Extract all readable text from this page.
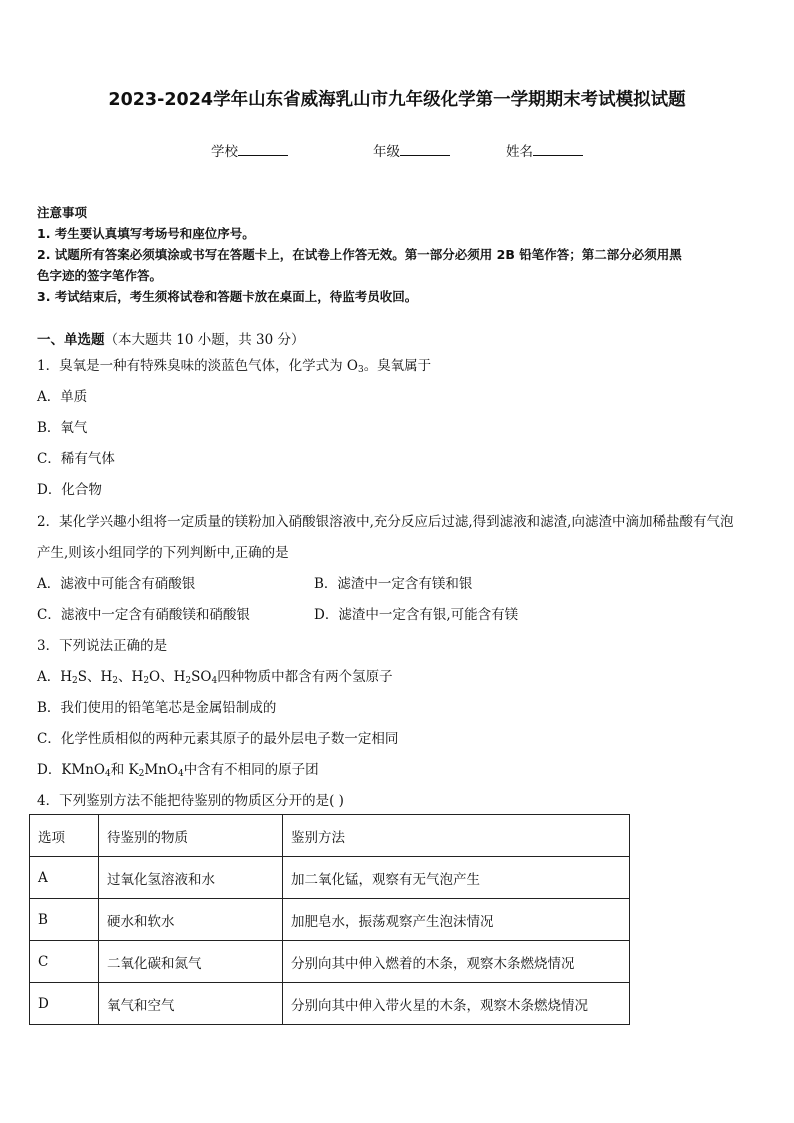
2023-2024学年山东省威海乳山市九年级化学第一学期期末考试模拟试题
学校	年级	姓名
注意事项
1. 考生要认真填写考场号和座位序号。
2. 试题所有答案必须填涂或书写在答题卡上，在试卷上作答无效。第一部分必须用 2B 铅笔作答；第二部分必须用黑
色字迹的签字笔作答。
3. 考试结束后，考生须将试卷和答题卡放在桌面上，待监考员收回。
一、单选题（本大题共 10 小题，共 30 分）
1．臭氧是一种有特殊臭味的淡蓝色气体，化学式为 $O_3$。臭氧属于
A．单质
B．氧气
C．稀有气体
D．化合物
2．某化学兴趣小组将一定质量的镁粉加入硝酸银溶液中,充分反应后过滤,得到滤液和滤渣,向滤渣中滴加稀盐酸有气泡
产生,则该小组同学的下列判断中,正确的是
A．滤液中可能含有硝酸银	B．滤渣中一定含有镁和银
C．滤液中一定含有硝酸镁和硝酸银	D．滤渣中一定含有银,可能含有镁
3．下列说法正确的是
A．$H_2S$、$H_2$、$H_2O$、$H_2SO_4$四种物质中都含有两个氢原子
B．我们使用的铅笔笔芯是金属铅制成的
C．化学性质相似的两种元素其原子的最外层电子数一定相同
D．KMnO$_4$和 $K_2MnO_4$中含有不相同的原子团
4．下列鉴别方法不能把待鉴别的物质区分开的是( )
选项	待鉴别的物质	鉴别方法
A	过氧化氢溶液和水	加二氧化锰，观察有无气泡产生
B	硬水和软水	加肥皂水，振荡观察产生泡沫情况
C	二氧化碳和氮气	分别向其中伸入燃着的木条，观察木条燃烧情况
D	氧气和空气	分别向其中伸入带火星的木条，观察木条燃烧情况
